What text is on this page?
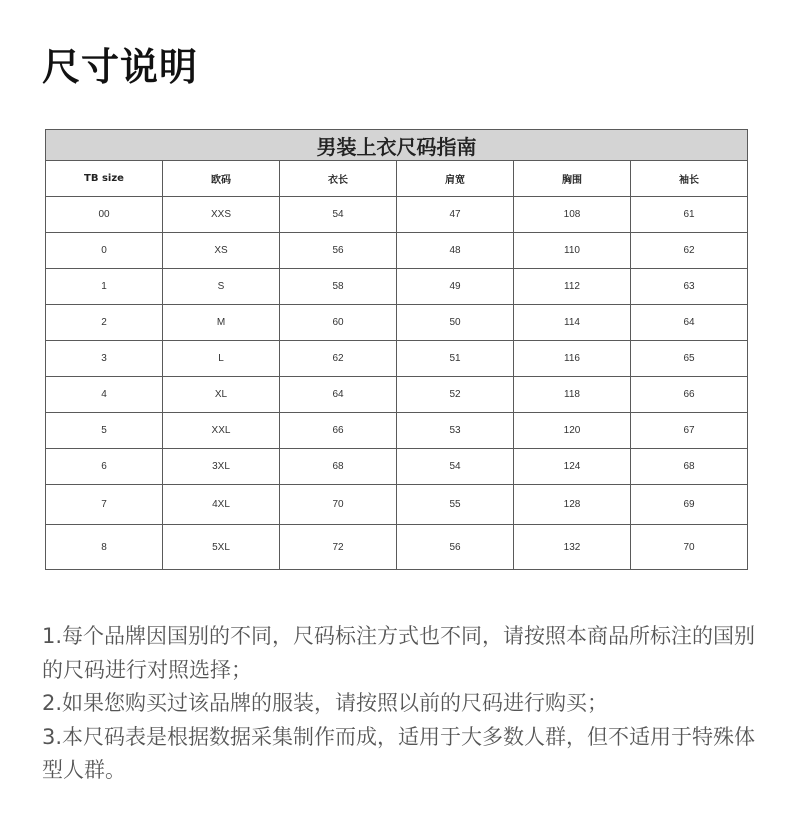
尺寸说明
男装上衣尺码指南					
TB size	欧码	衣长	肩宽	胸围	袖长
00	XXS	54	47	108	61
0	XS	56	48	110	62
1	S	58	49	112	63
2	M	60	50	114	64
3	L	62	51	116	65
4	XL	64	52	118	66
5	XXL	66	53	120	67
6	3XL	68	54	124	68
7	4XL	70	55	128	69
8	5XL	72	56	132	70

1.每个品牌因国别的不同，尺码标注方式也不同，请按照本商品所标注的国别的尺码进行对照选择；

2.如果您购买过该品牌的服装，请按照以前的尺码进行购买；

3.本尺码表是根据数据采集制作而成，适用于大多数人群，但不适用于特殊体型人群。
